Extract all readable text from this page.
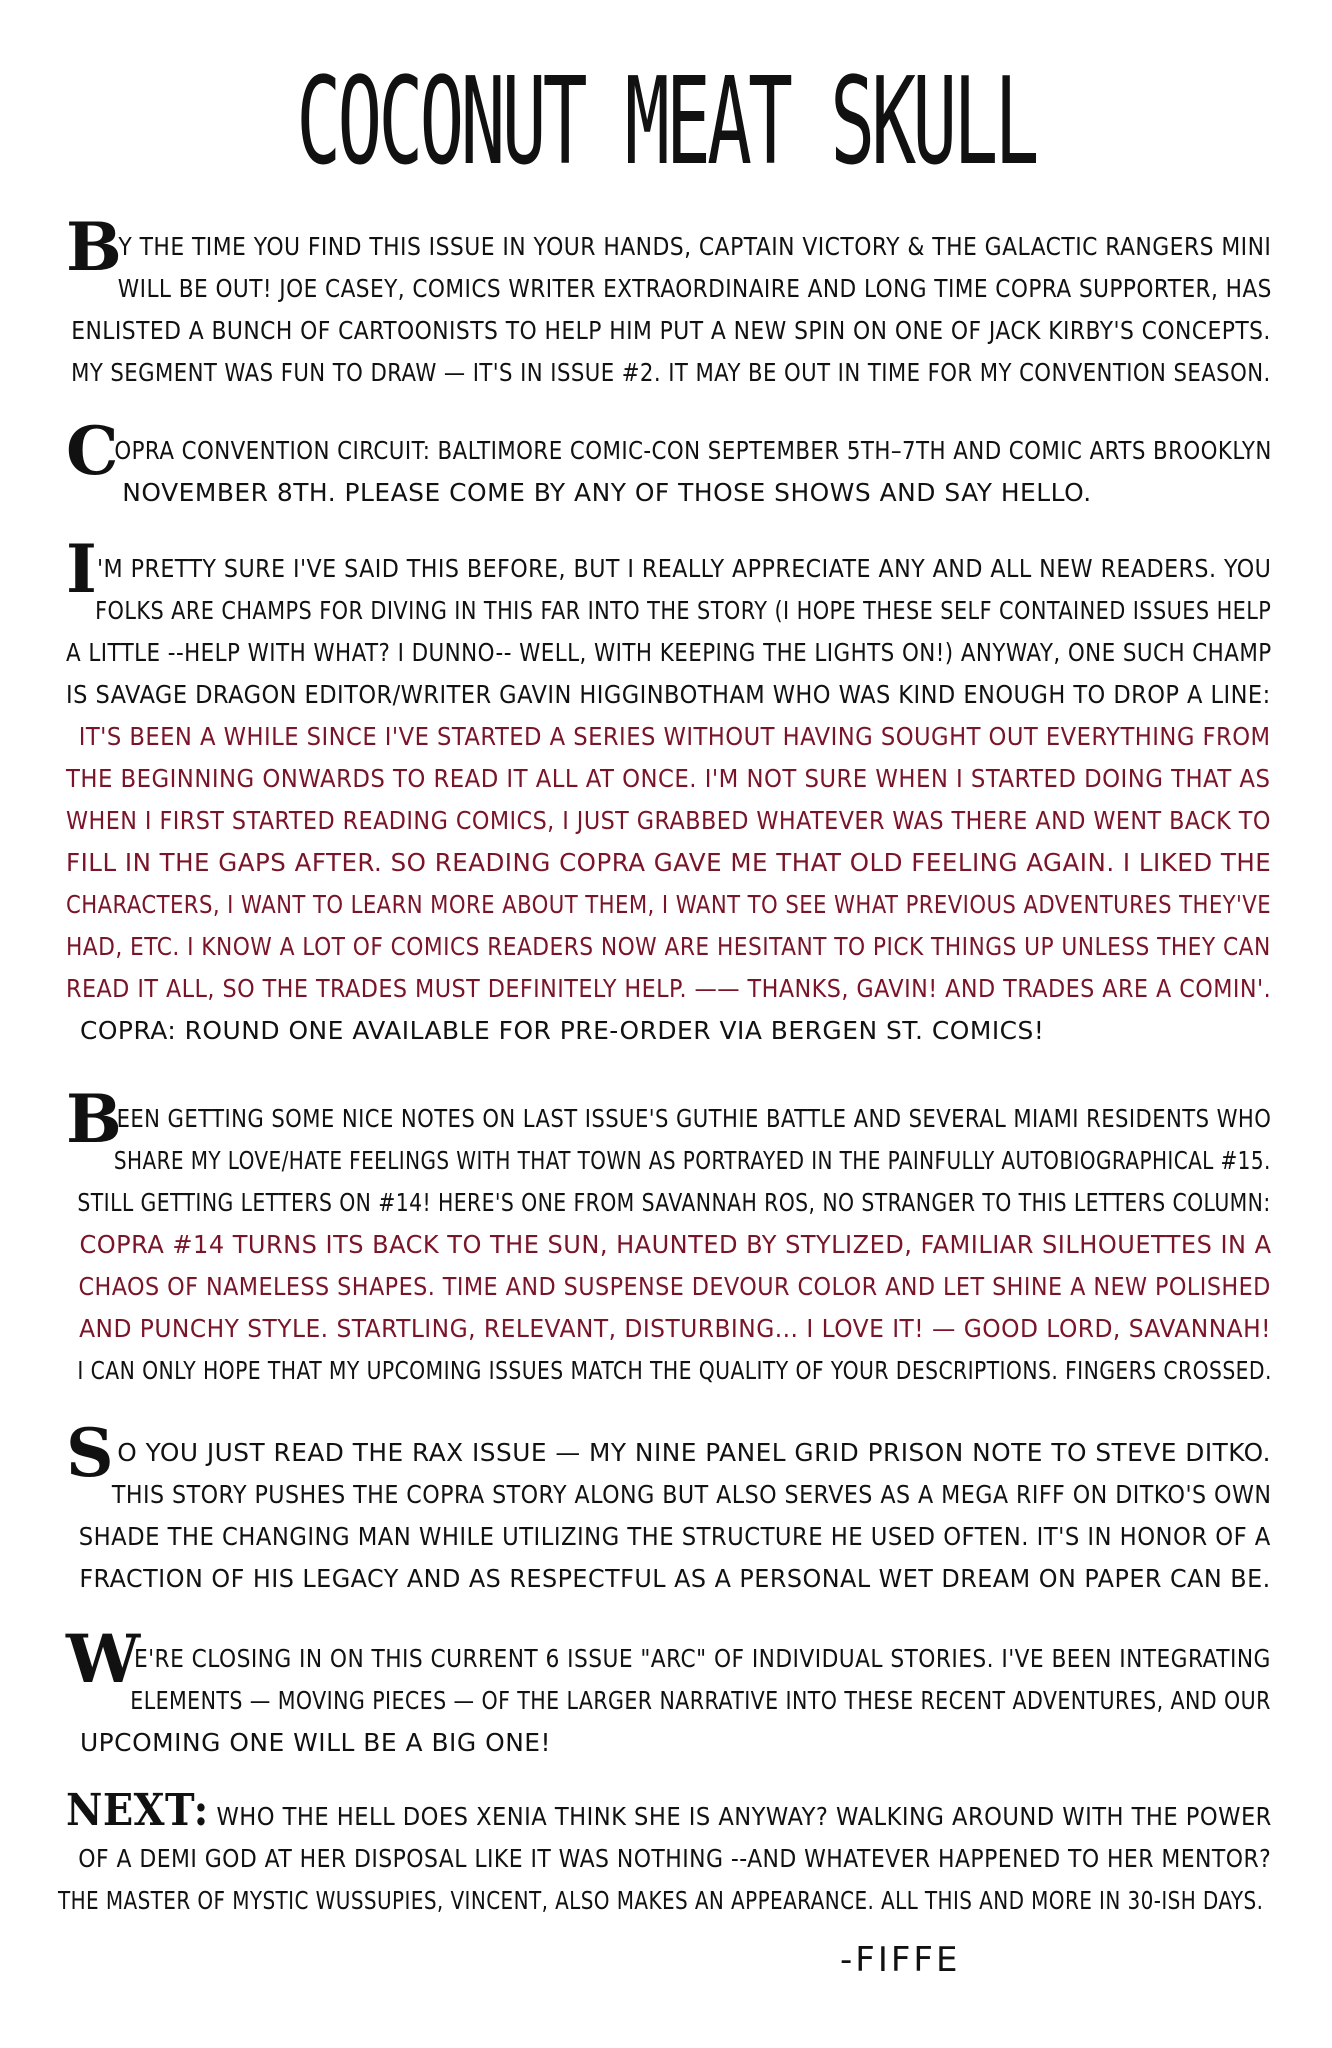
COCONUT MEAT SKULL
B
Y THE TIME YOU FIND THIS ISSUE IN YOUR HANDS, CAPTAIN VICTORY & THE GALACTIC RANGERS MINI
WILL BE OUT! JOE CASEY, COMICS WRITER EXTRAORDINAIRE AND LONG TIME COPRA SUPPORTER, HAS
ENLISTED A BUNCH OF CARTOONISTS TO HELP HIM PUT A NEW SPIN ON ONE OF JACK KIRBY'S CONCEPTS.
MY SEGMENT WAS FUN TO DRAW — IT'S IN ISSUE #2. IT MAY BE OUT IN TIME FOR MY CONVENTION SEASON.
C
OPRA CONVENTION CIRCUIT: BALTIMORE COMIC-CON SEPTEMBER 5TH–7TH AND COMIC ARTS BROOKLYN
NOVEMBER 8TH. PLEASE COME BY ANY OF THOSE SHOWS AND SAY HELLO.
I 'M PRETTY SURE I'VE SAID THIS BEFORE, BUT I REALLY APPRECIATE ANY AND ALL NEW READERS. YOU
FOLKS ARE CHAMPS FOR DIVING IN THIS FAR INTO THE STORY (I HOPE THESE SELF CONTAINED ISSUES HELP
A LITTLE --HELP WITH WHAT? I DUNNO-- WELL, WITH KEEPING THE LIGHTS ON!) ANYWAY, ONE SUCH CHAMP
IS SAVAGE DRAGON EDITOR/WRITER GAVIN HIGGINBOTHAM WHO WAS KIND ENOUGH TO DROP A LINE:
IT'S BEEN A WHILE SINCE I'VE STARTED A SERIES WITHOUT HAVING SOUGHT OUT EVERYTHING FROM
THE BEGINNING ONWARDS TO READ IT ALL AT ONCE. I'M NOT SURE WHEN I STARTED DOING THAT AS
WHEN I FIRST STARTED READING COMICS, I JUST GRABBED WHATEVER WAS THERE AND WENT BACK TO
FILL IN THE GAPS AFTER. SO READING COPRA GAVE ME THAT OLD FEELING AGAIN. I LIKED THE
CHARACTERS, I WANT TO LEARN MORE ABOUT THEM, I WANT TO SEE WHAT PREVIOUS ADVENTURES THEY'VE
HAD, ETC. I KNOW A LOT OF COMICS READERS NOW ARE HESITANT TO PICK THINGS UP UNLESS THEY CAN
READ IT ALL, SO THE TRADES MUST DEFINITELY HELP. —— THANKS, GAVIN! AND TRADES ARE A COMIN'.
COPRA: ROUND ONE AVAILABLE FOR PRE-ORDER VIA BERGEN ST. COMICS!
B
EEN GETTING SOME NICE NOTES ON LAST ISSUE'S GUTHIE BATTLE AND SEVERAL MIAMI RESIDENTS WHO
SHARE MY LOVE/HATE FEELINGS WITH THAT TOWN AS PORTRAYED IN THE PAINFULLY AUTOBIOGRAPHICAL #15.
STILL GETTING LETTERS ON #14! HERE'S ONE FROM SAVANNAH ROS, NO STRANGER TO THIS LETTERS COLUMN:
COPRA #14 TURNS ITS BACK TO THE SUN, HAUNTED BY STYLIZED, FAMILIAR SILHOUETTES IN A
CHAOS OF NAMELESS SHAPES. TIME AND SUSPENSE DEVOUR COLOR AND LET SHINE A NEW POLISHED
AND PUNCHY STYLE. STARTLING, RELEVANT, DISTURBING... I LOVE IT! — GOOD LORD, SAVANNAH!
I CAN ONLY HOPE THAT MY UPCOMING ISSUES MATCH THE QUALITY OF YOUR DESCRIPTIONS. FINGERS CROSSED.
S O YOU JUST READ THE RAX ISSUE — MY NINE PANEL GRID PRISON NOTE TO STEVE DITKO.
THIS STORY PUSHES THE COPRA STORY ALONG BUT ALSO SERVES AS A MEGA RIFF ON DITKO'S OWN
SHADE THE CHANGING MAN WHILE UTILIZING THE STRUCTURE HE USED OFTEN. IT'S IN HONOR OF A
FRACTION OF HIS LEGACY AND AS RESPECTFUL AS A PERSONAL WET DREAM ON PAPER CAN BE.
W
E'RE CLOSING IN ON THIS CURRENT 6 ISSUE "ARC" OF INDIVIDUAL STORIES. I'VE BEEN INTEGRATING
ELEMENTS — MOVING PIECES — OF THE LARGER NARRATIVE INTO THESE RECENT ADVENTURES, AND OUR
UPCOMING ONE WILL BE A BIG ONE!
NEXT: WHO THE HELL DOES XENIA THINK SHE IS ANYWAY? WALKING AROUND WITH THE POWER
OF A DEMI GOD AT HER DISPOSAL LIKE IT WAS NOTHING --AND WHATEVER HAPPENED TO HER MENTOR?
THE MASTER OF MYSTIC WUSSUPIES, VINCENT, ALSO MAKES AN APPEARANCE. ALL THIS AND MORE IN 30-ISH DAYS.
-FIFFE
